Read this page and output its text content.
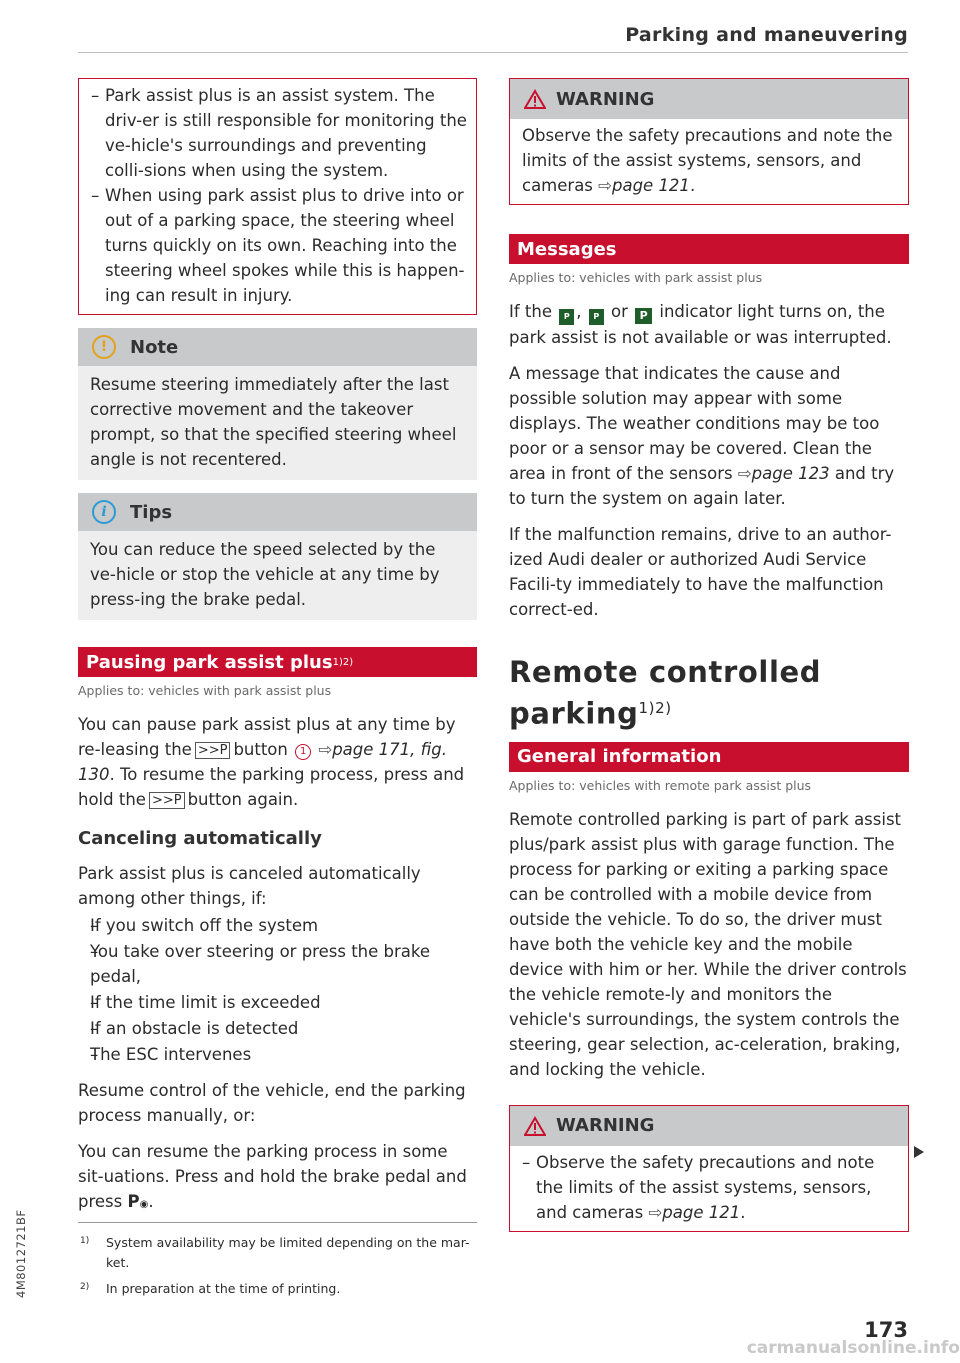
Parking and maneuvering
– Park assist plus is an assist system. The driv-er is still responsible for monitoring the ve-hicle's surroundings and preventing colli-sions when using the system.
– When using park assist plus to drive into or out of a parking space, the steering wheel turns quickly on its own. Reaching into the steering wheel spokes while this is happen-ing can result in injury.
!	Note

Resume steering immediately after the last corrective movement and the takeover prompt, so that the specified steering wheel angle is not recentered.

i	Tips

You can reduce the speed selected by the ve-hicle or stop the vehicle at any time by press-ing the brake pedal.

Pausing park assist plus 1)2)
Applies to: vehicles with park assist plus

You can pause park assist plus at any time by re-leasing the >>P button 1 ⇨page 171, fig. 130. To resume the parking process, press and hold the >>P button again.

Canceling automatically

Park assist plus is canceled automatically among other things, if:

– If you switch off the system
– You take over steering or press the brake pedal,
– If the time limit is exceeded
– If an obstacle is detected
– The ESC intervenes

Resume control of the vehicle, end the parking process manually, or:

You can resume the parking process in some sit-uations. Press and hold the brake pedal and press P◉.

WARNING

Observe the safety precautions and note the limits of the assist systems, sensors, and cameras ⇨page 121.

Messages
Applies to: vehicles with park assist plus

If the P , P or P indicator light turns on, the park assist is not available or was interrupted.

A message that indicates the cause and possible solution may appear with some displays. The weather conditions may be too poor or a sensor may be covered. Clean the area in front of the sensors ⇨page 123 and try to turn the system on again later.

If the malfunction remains, drive to an author-ized Audi dealer or authorized Audi Service Facili-ty immediately to have the malfunction correct-ed.

Remote controlled
parking$^{1)2)}$
General information
Applies to: vehicles with remote park assist plus

Remote controlled parking is part of park assist plus/park assist plus with garage function. The process for parking or exiting a parking space can be controlled with a mobile device from outside the vehicle. To do so, the driver must have both the vehicle key and the mobile device with him or her. While the driver controls the vehicle remote-ly and monitors the vehicle's surroundings, the system controls the steering, gear selection, ac-celeration, braking, and locking the vehicle.

WARNING
– Observe the safety precautions and note the limits of the assist systems, sensors, and cameras ⇨page 121.

1) System availability may be limited depending on the mar-ket.

2) In preparation at the time of printing.

4M8012721BF
173
carmanualsonline.info
